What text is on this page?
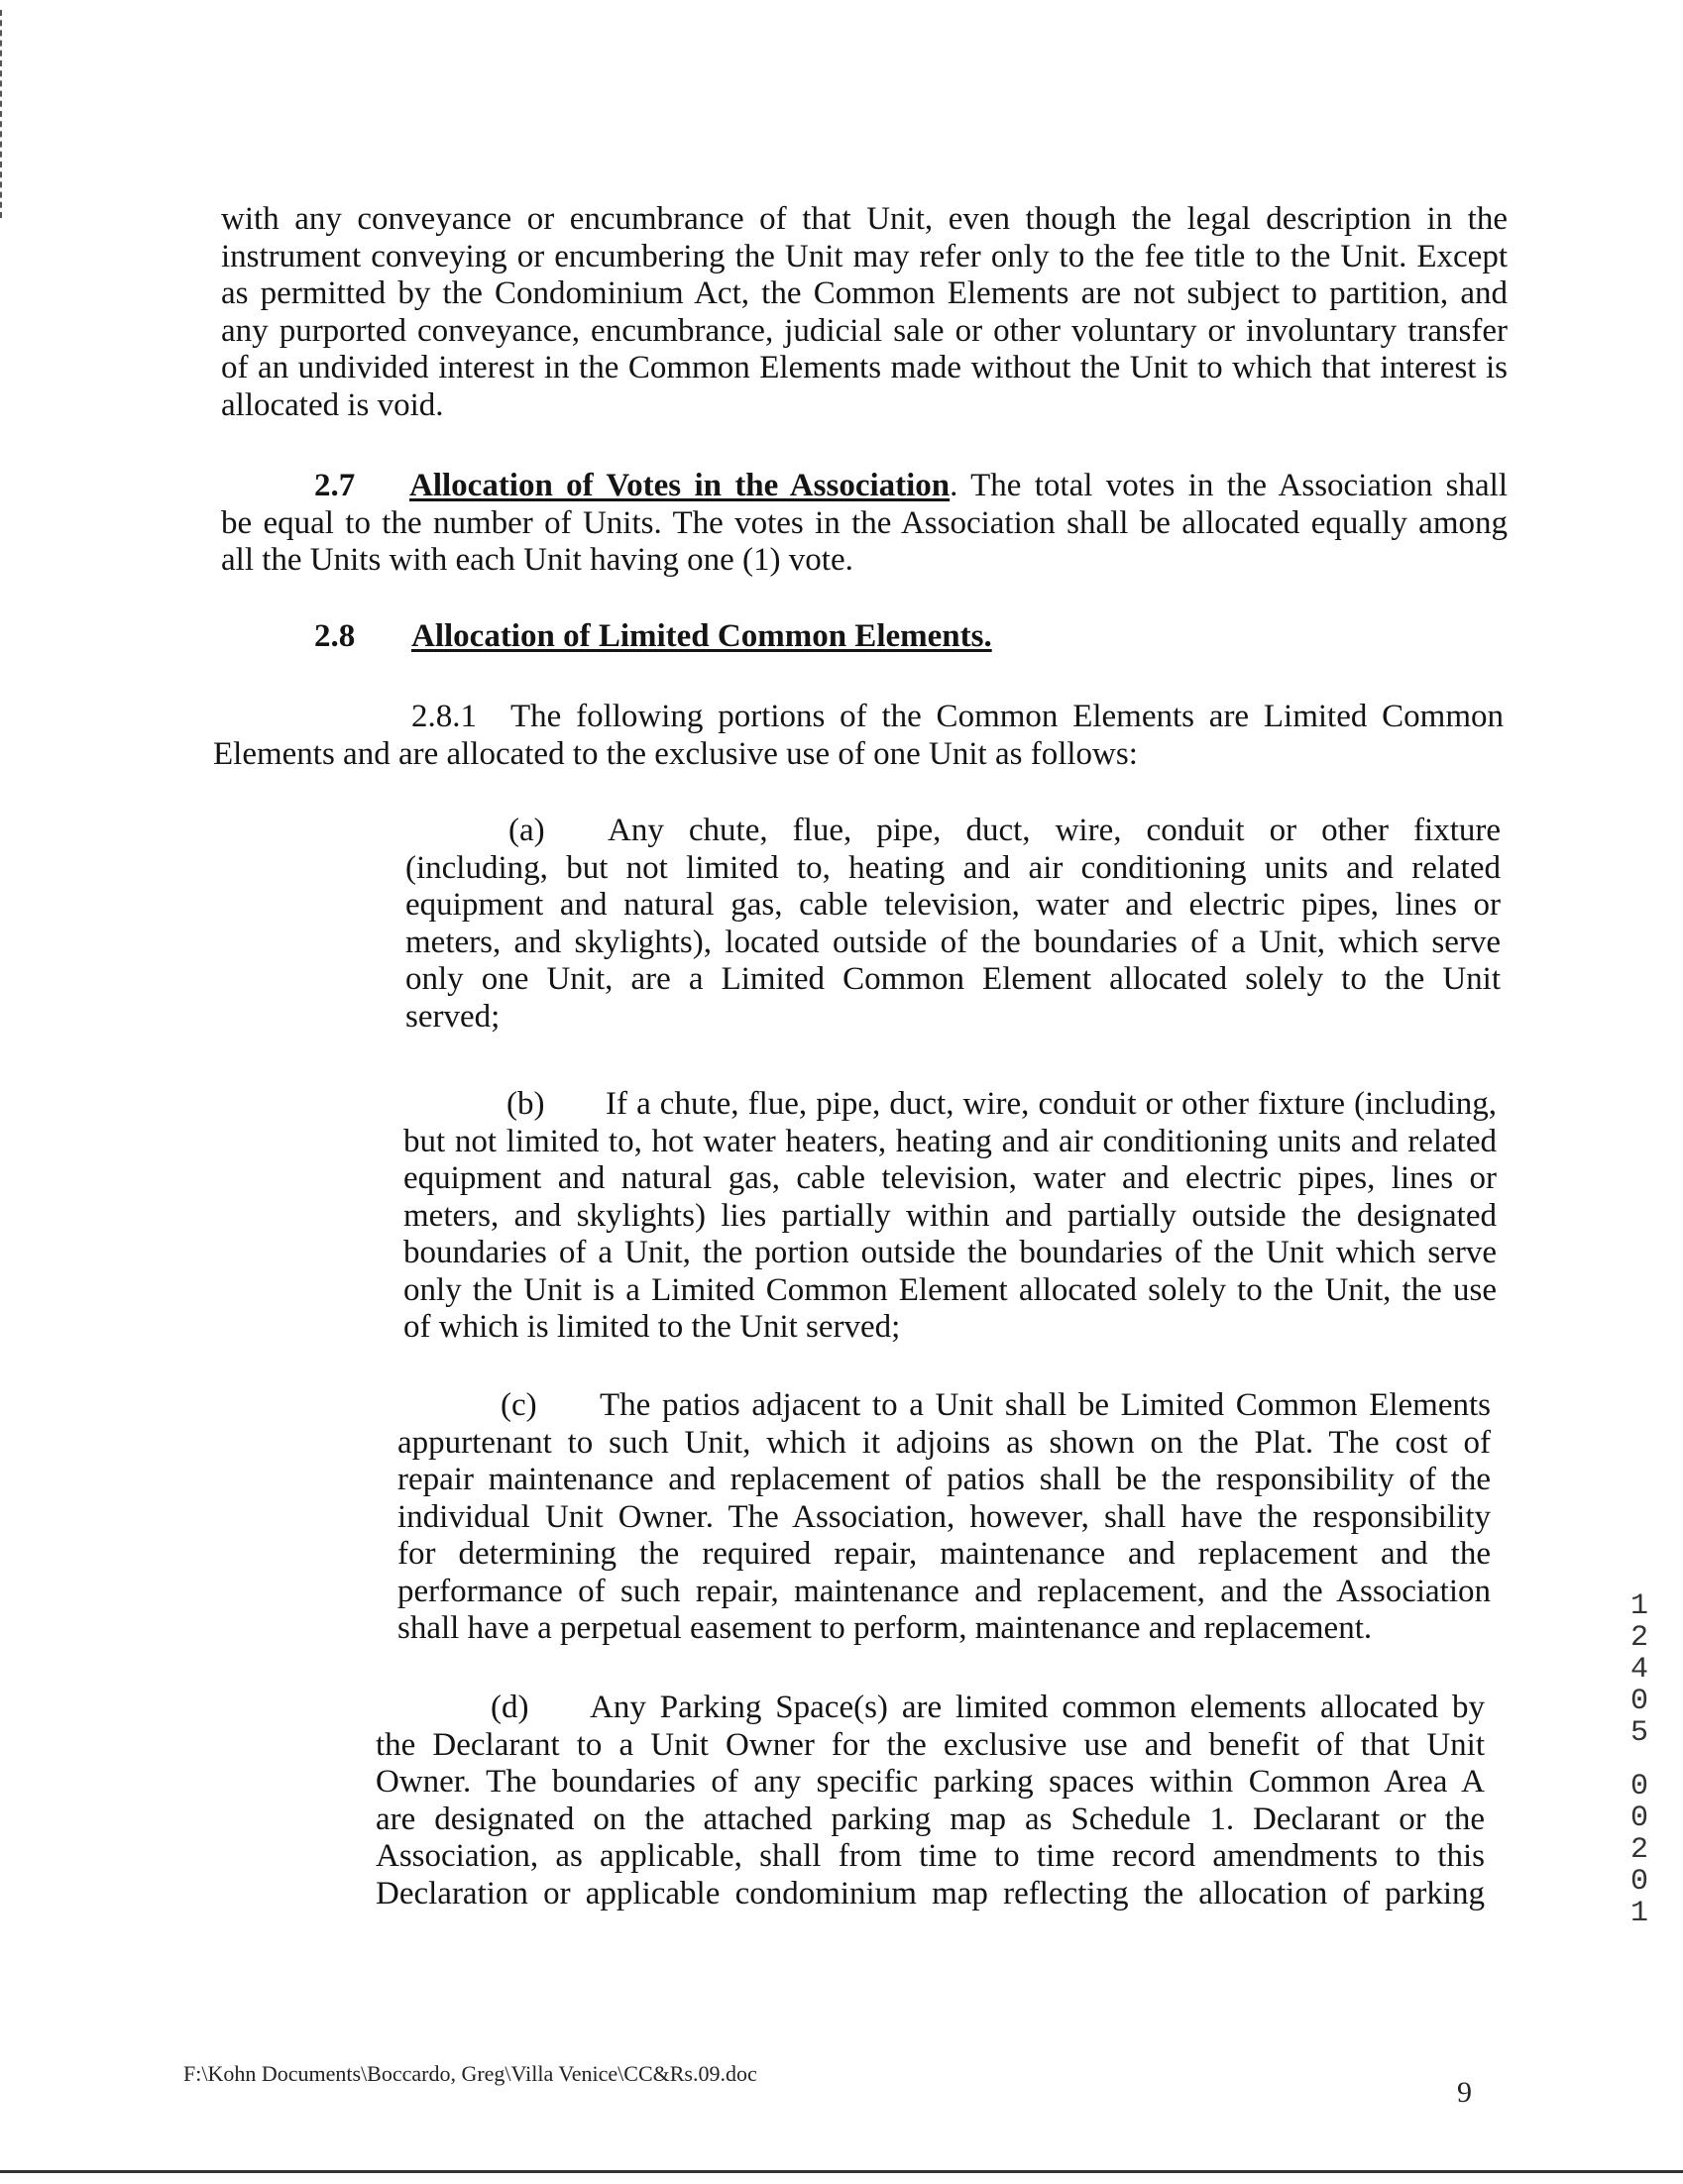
with any conveyance or encumbrance of that Unit, even though the legal description in the
instrument conveying or encumbering the Unit may refer only to the fee title to the Unit. Except
as permitted by the Condominium Act, the Common Elements are not subject to partition, and
any purported conveyance, encumbrance, judicial sale or other voluntary or involuntary transfer
of an undivided interest in the Common Elements made without the Unit to which that interest is
allocated is void.
2.7 Allocation of Votes in the Association. The total votes in the Association shall
be equal to the number of Units. The votes in the Association shall be allocated equally among
all the Units with each Unit having one (1) vote.
2.8 Allocation of Limited Common Elements.
2.8.1 The following portions of the Common Elements are Limited Common
Elements and are allocated to the exclusive use of one Unit as follows:
(a) Any chute, flue, pipe, duct, wire, conduit or other fixture
(including, but not limited to, heating and air conditioning units and related
equipment and natural gas, cable television, water and electric pipes, lines or
meters, and skylights), located outside of the boundaries of a Unit, which serve
only one Unit, are a Limited Common Element allocated solely to the Unit
served;
(b) If a chute, flue, pipe, duct, wire, conduit or other fixture (including,
but not limited to, hot water heaters, heating and air conditioning units and related
equipment and natural gas, cable television, water and electric pipes, lines or
meters, and skylights) lies partially within and partially outside the designated
boundaries of a Unit, the portion outside the boundaries of the Unit which serve
only the Unit is a Limited Common Element allocated solely to the Unit, the use
of which is limited to the Unit served;
(c) The patios adjacent to a Unit shall be Limited Common Elements
appurtenant to such Unit, which it adjoins as shown on the Plat. The cost of
repair maintenance and replacement of patios shall be the responsibility of the
individual Unit Owner. The Association, however, shall have the responsibility
for determining the required repair, maintenance and replacement and the
performance of such repair, maintenance and replacement, and the Association
shall have a perpetual easement to perform, maintenance and replacement.
(d) Any Parking Space(s) are limited common elements allocated by
the Declarant to a Unit Owner for the exclusive use and benefit of that Unit
Owner. The boundaries of any specific parking spaces within Common Area A
are designated on the attached parking map as Schedule 1. Declarant or the
Association, as applicable, shall from time to time record amendments to this
Declaration or applicable condominium map reflecting the allocation of parking
1
2
4
0
5
0
0
2
0
1
F:\Kohn Documents\Boccardo, Greg\Villa Venice\CC&Rs.09.doc
9
